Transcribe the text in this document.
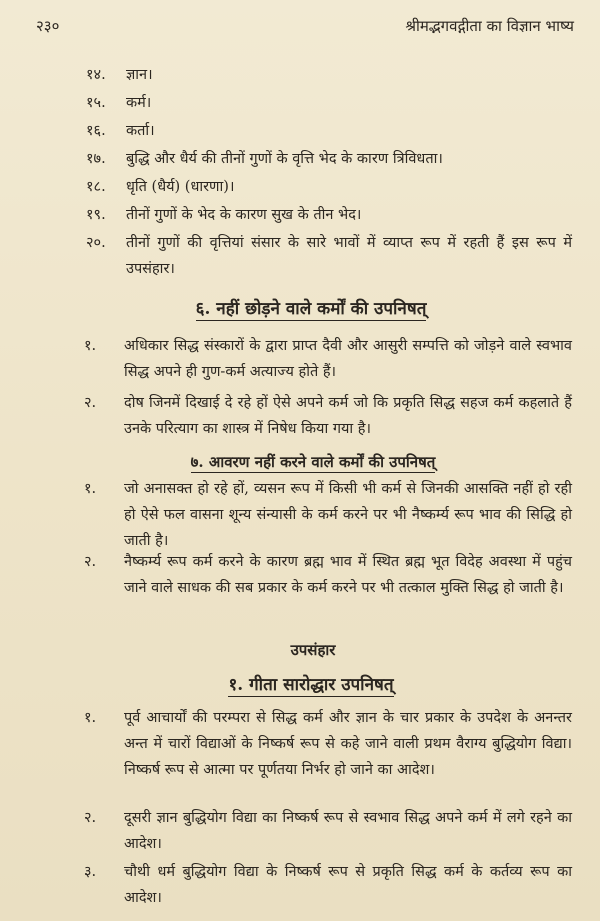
२३०	श्रीमद्भगवद्गीता का विज्ञान भाष्य
१४.	ज्ञान।
१५.	कर्म।
१६.	कर्ता।
१७.	बुद्धि और धैर्य की तीनों गुणों के वृत्ति भेद के कारण त्रिविधता।
१८.	धृति (धैर्य) (धारणा)।
१९.	तीनों गुणों के भेद के कारण सुख के तीन भेद।
२०.	तीनों गुणों की वृत्तियां संसार के सारे भावों में व्याप्त रूप में रहती हैं इस रूप में उपसंहार।
६. नहीं छोड़ने वाले कर्मों की उपनिषत्
१.	अधिकार सिद्ध संस्कारों के द्वारा प्राप्त दैवी और आसुरी सम्पत्ति को जोड़ने वाले स्वभाव सिद्ध अपने ही गुण-कर्म अत्याज्य होते हैं।
२.	दोष जिनमें दिखाई दे रहे हों ऐसे अपने कर्म जो कि प्रकृति सिद्ध सहज कर्म कहलाते हैं उनके परित्याग का शास्त्र में निषेध किया गया है।
७. आवरण नहीं करने वाले कर्मों की उपनिषत्
१.	जो अनासक्त हो रहे हों, व्यसन रूप में किसी भी कर्म से जिनकी आसक्ति नहीं हो रही हो ऐसे फल वासना शून्य संन्यासी के कर्म करने पर भी नैष्कर्म्य रूप भाव की सिद्धि हो जाती है।
२.	नैष्कर्म्य रूप कर्म करने के कारण ब्रह्म भाव में स्थित ब्रह्म भूत विदेह अवस्था में पहुंच जाने वाले साधक की सब प्रकार के कर्म करने पर भी तत्काल मुक्ति सिद्ध हो जाती है।
उपसंहार
१. गीता सारोद्धार उपनिषत्
१.	पूर्व आचार्यों की परम्परा से सिद्ध कर्म और ज्ञान के चार प्रकार के उपदेश के अनन्तर अन्त में चारों विद्याओं के निष्कर्ष रूप से कहे जाने वाली प्रथम वैराग्य बुद्धियोग विद्या। निष्कर्ष रूप से आत्मा पर पूर्णतया निर्भर हो जाने का आदेश।
२.	दूसरी ज्ञान बुद्धियोग विद्या का निष्कर्ष रूप से स्वभाव सिद्ध अपने कर्म में लगे रहने का आदेश।
३.	चौथी धर्म बुद्धियोग विद्या के निष्कर्ष रूप से प्रकृति सिद्ध कर्म के कर्तव्य रूप का आदेश।
